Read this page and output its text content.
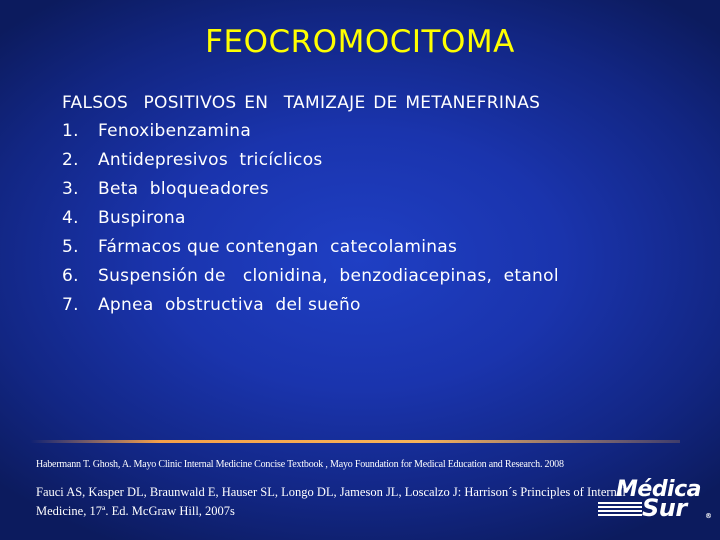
FEOCROMOCITOMA
FALSOS  POSITIVOS EN  TAMIZAJE DE METANEFRINAS
1.	Fenoxibenzamina
2.	Antidepresivos  tricíclicos
3.	Beta  bloqueadores
4.	Buspirona
5.	Fármacos que contengan  catecolaminas
6.	Suspensión de   clonidina,  benzodiacepinas,  etanol
7.	Apnea  obstructiva  del sueño
Habermann T. Ghosh, A. Mayo Clinic Internal Medicine Concise Textbook , Mayo Foundation for Medical Education and Research. 2008
Fauci AS, Kasper DL, Braunwald E, Hauser SL, Longo DL, Jameson JL, Loscalzo J: Harrison´s Principles of Internal Medicine, 17ª. Ed. McGraw Hill, 2007s
Médica
Sur	®
